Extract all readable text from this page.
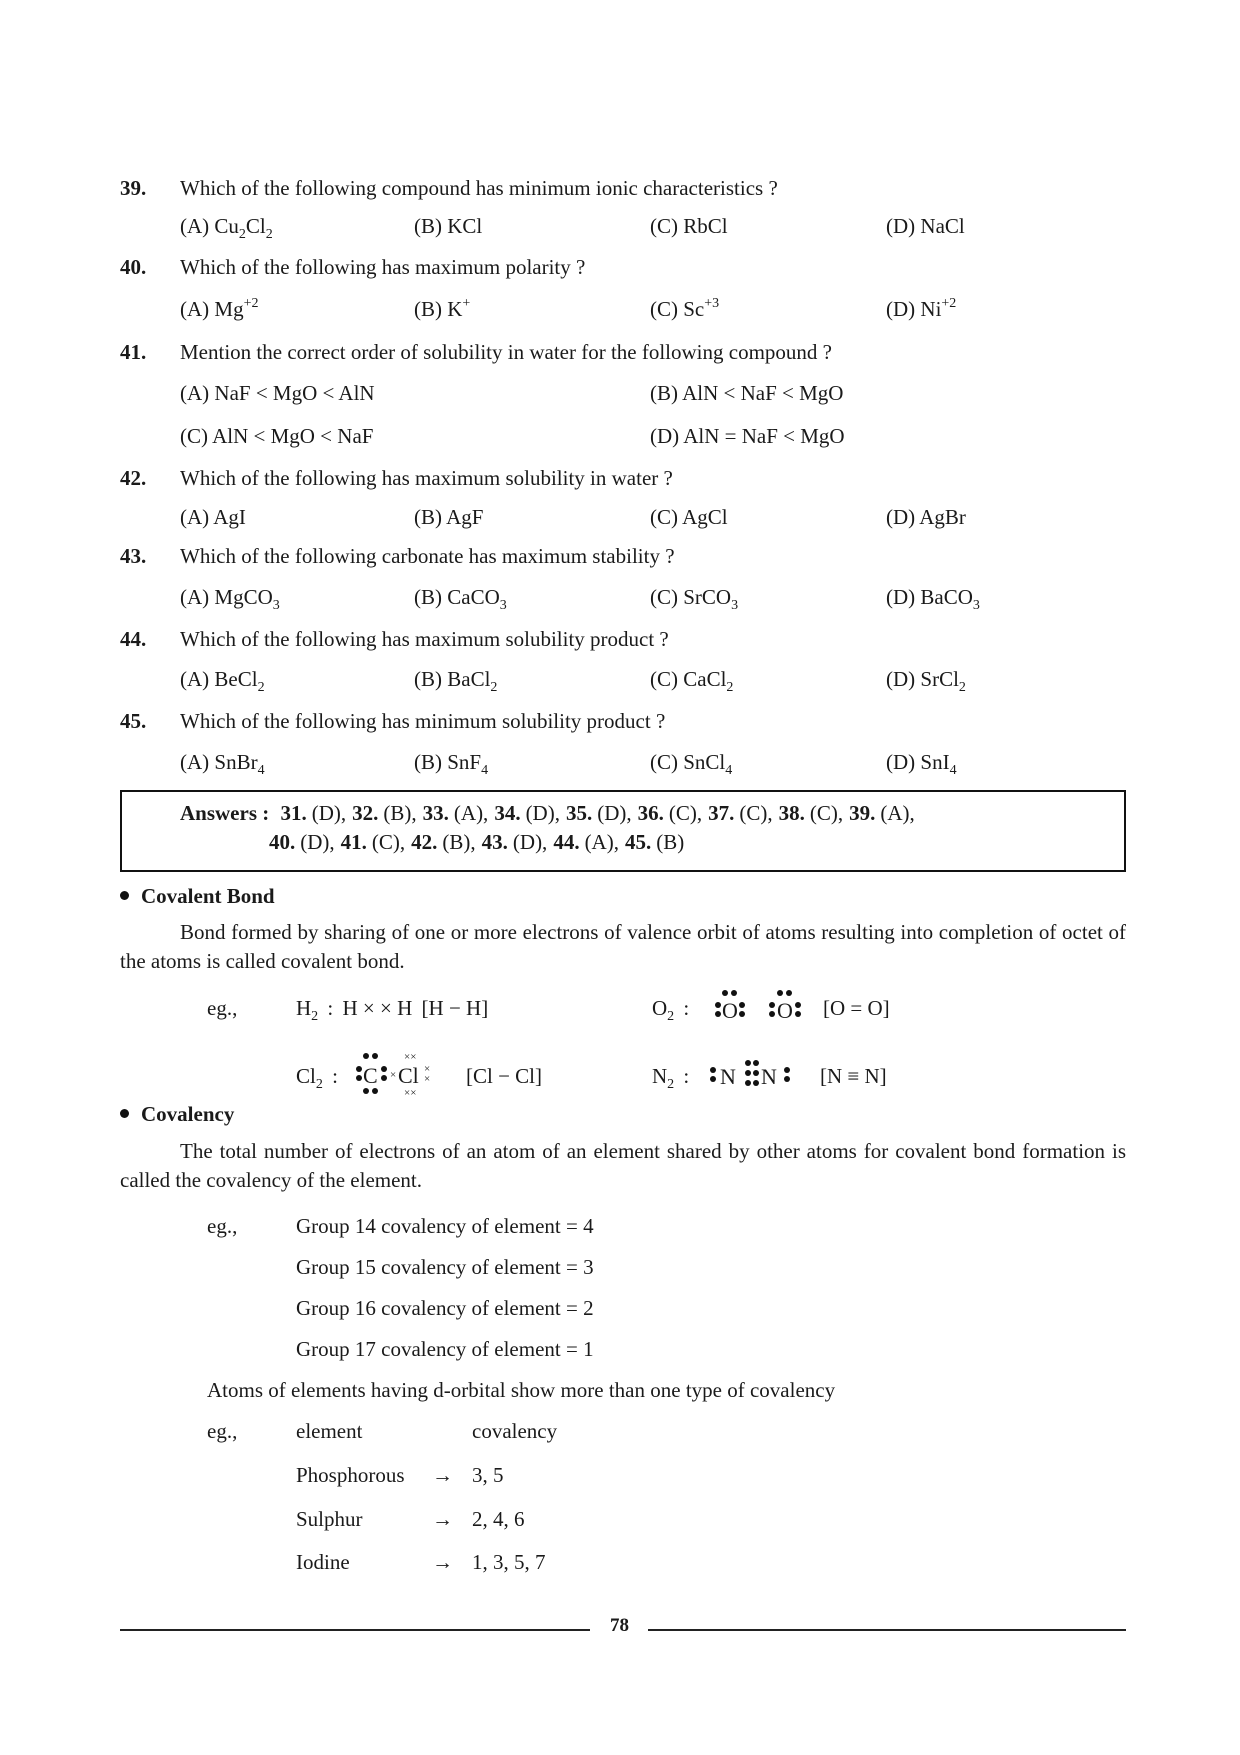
39. Which of the following compound has minimum ionic characteristics ?
(A) $Cu_2Cl_2$	(B) KCl	(C) RbCl	(D) NaCl
40. Which of the following has maximum polarity ?
(A) $Mg^{+2}$	(B) K+	(C) $Sc^{+3}$	(D) $Ni^{+2}$
41. Mention the correct order of solubility in water for the following compound ?
(A) NaF < MgO < AlN	(B) AlN < NaF < MgO
(C) AlN < MgO < NaF	(D) AlN = NaF < MgO
42. Which of the following has maximum solubility in water ?
(A) AgI	(B) AgF	(C) AgCl	(D) AgBr
43. Which of the following carbonate has maximum stability ?
(A) MgCO$_3$	(B) CaCO$_3$	(C) SrCO$_3$	(D) BaCO$_3$
44. Which of the following has maximum solubility product ?
(A) BeCl$_2$	(B) BaCl$_2$	(C) CaCl$_2$	(D) SrCl$_2$
45. Which of the following has minimum solubility product ?
(A) SnBr$_4$	(B) SnF$_4$	(C) SnCl$_4$	(D) SnI$_4$
Answers : 31. (D), 32. (B), 33. (A), 34. (D), 35. (D), 36. (C), 37. (C), 38. (C), 39. (A),
40. (D), 41. (C), 42. (B), 43. (D), 44. (A), 45. (B)
Covalent Bond
Bond formed by sharing of one or more electrons of valence orbit of atoms resulting into completion of octet of the atoms is called covalent bond.
eg.,	$H_2$ : H × × H [H − H]	$O_2$ : O O [O = O]
$Cl_2$ : C × Cl
××
××
×
× [Cl − Cl]	$N_2$ : N N [N ≡ N]
Covalency
The total number of electrons of an atom of an element shared by other atoms for covalent bond formation is called the covalency of the element.
eg.,	Group 14 covalency of element = 4
Group 15 covalency of element = 3
Group 16 covalency of element = 2
Group 17 covalency of element = 1
Atoms of elements having d-orbital show more than one type of covalency
eg.,	element	covalency
Phosphorous → 3, 5
Sulphur	→ 2, 4, 6
Iodine	→ 1, 3, 5, 7
78
